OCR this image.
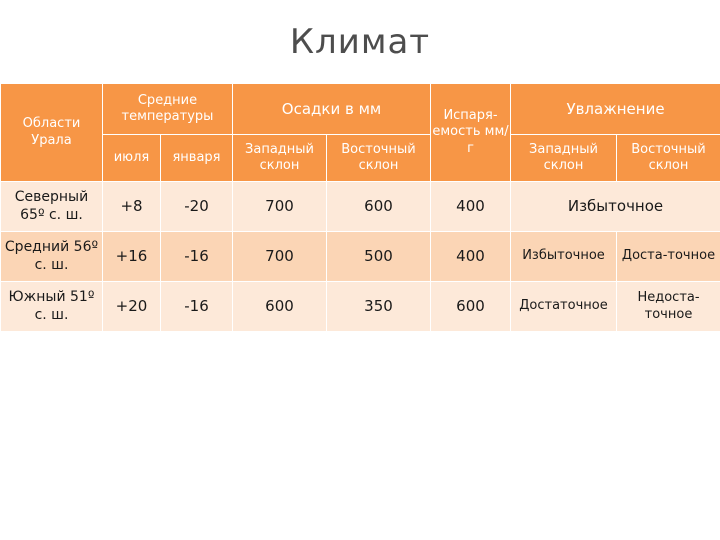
Климат
Области Урала	Средние температуры		Осадки в мм		Испаря-емость мм/г	Увлажнение	
	июля	января	Западный склон	Восточный склон		Западный склон	Восточный склон
Северный 65º с. ш.	+8	-20	700	600	400	Избыточное	
Средний 56º с. ш.	+16	-16	700	500	400	Избыточное	Доста-точное
Южный 51º с. ш.	+20	-16	600	350	600	Достаточное	Недоста-точное
